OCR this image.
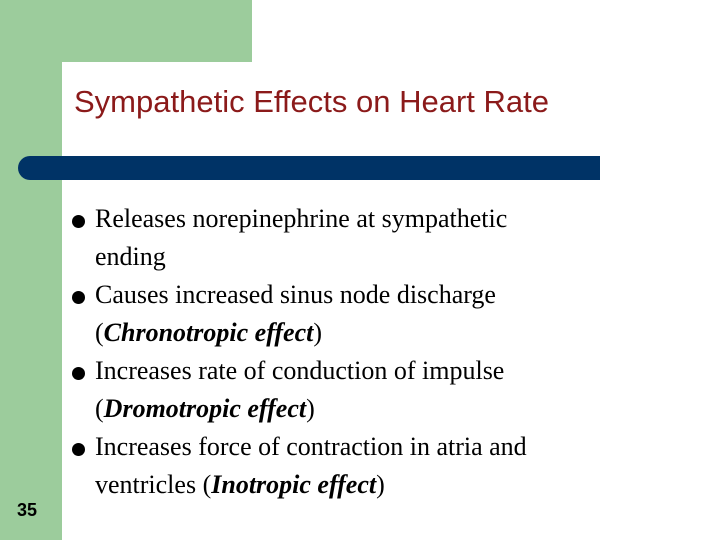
Sympathetic Effects on Heart Rate
Releases norepinephrine at sympathetic
ending
Causes increased sinus node discharge
(Chronotropic effect)
Increases rate of conduction of impulse
(Dromotropic effect)
Increases force of contraction in atria and
ventricles (Inotropic effect)
35
